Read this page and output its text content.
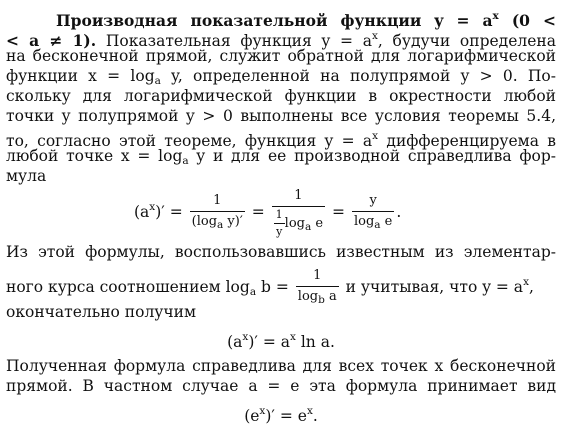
Производная показательной функции $y = a^x$ (0 <
< a ≠ 1). Показательная функция $y = a^x$, будучи определена
на бесконечной прямой, служит обратной для логарифмической
функции $x = \log_a y$, определенной на полупрямой y > 0. По-
скольку для логарифмической функции в окрестности любой
точки y полупрямой y > 0 выполнены все условия теоремы 5.4,
то, согласно этой теореме, функция $y = a^x$ дифференцируема в
любой точке $x = \log_a y$ и для ее производной справедлива фор-
мула
$(a^x)' = \frac{1}{(\log_a y)'} = \frac{1}{\frac{1}{y} \log_a e} = \frac{y}{\log_a e}$ .
Из этой формулы, воспользовавшись известным из элементар-
ного курса соотношением $\log_a b = \frac{1}{\log_b a}$ и учитывая, что $y = a^x$,
окончательно получим
$(a^x)' = a^x$ ln a.
Полученная формула справедлива для всех точек x бесконечной
прямой. В частном случае a = e эта формула принимает вид
$(e^x)' = e^x$.
